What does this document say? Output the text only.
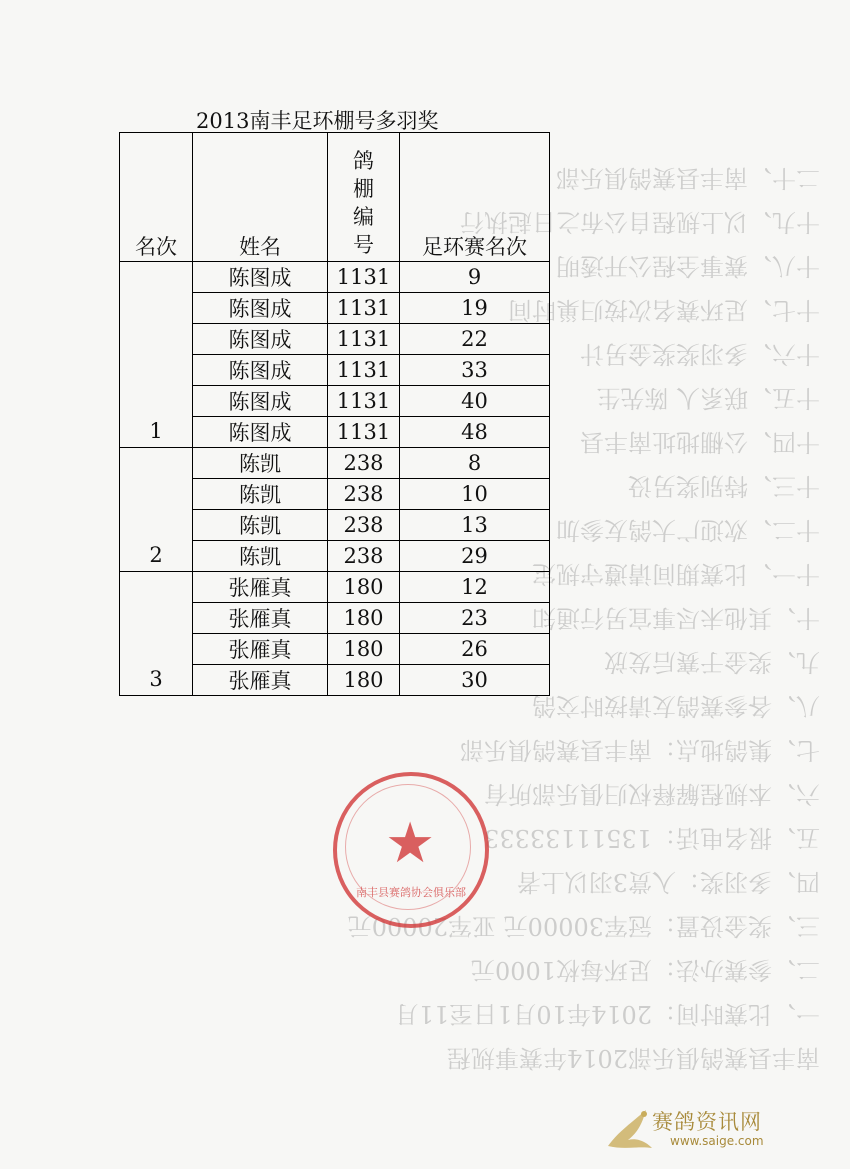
南丰县赛鸽俱乐部2014年赛事规程
一、比赛时间：2014年10月1日至11月
二、参赛办法：足环每枚1000元
三、奖金设置：冠军30000元 亚军20000元
四、多羽奖：入赏3羽以上者
五、报名电话：13511133333
六、本规程解释权归俱乐部所有
七、集鸽地点：南丰县赛鸽俱乐部
八、各参赛鸽友请按时交鸽
九、奖金于赛后发放
十、其他未尽事宜另行通知
十一、比赛期间请遵守规定
十二、欢迎广大鸽友参加
十三、特别奖另设
十四、公棚地址南丰县
十五、联系人 陈先生
十六、多羽奖奖金另计
十七、足环赛名次按归巢时间
十八、赛事全程公开透明
十九、以上规程自公布之日起执行
二十、南丰县赛鸽俱乐部
2013南丰足环棚号多羽奖
名次	姓名	鸽棚编号	足环赛名次
1	陈图成	1131	9
	陈图成	1131	19
	陈图成	1131	22
	陈图成	1131	33
	陈图成	1131	40
	陈图成	1131	48
2	陈凯	238	8
	陈凯	238	10
	陈凯	238	13
	陈凯	238	29
3	张雁真	180	12
	张雁真	180	23
	张雁真	180	26
	张雁真	180	30
★
南丰县赛鸽协会俱乐部
赛鸽资讯网
www.saige.com
